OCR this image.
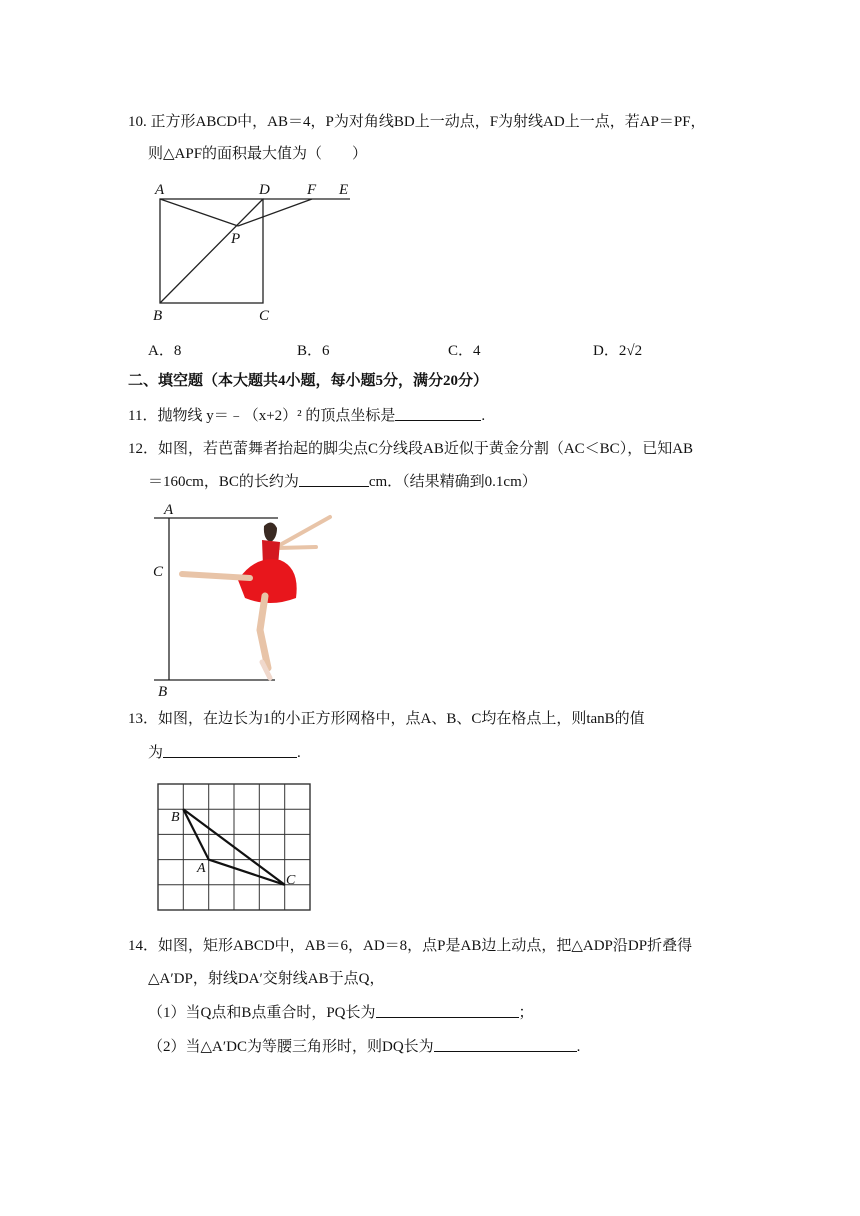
10. 正方形ABCD中，AB＝4，P为对角线BD上一动点，F为射线AD上一点，若AP＝PF，
则△APF的面积最大值为（　　）
A	D F E
P
B	C
A．8	B．6	C．4	D．2√2
二、填空题（本大题共4小题，每小题5分，满分20分）
11．抛物线 y＝﹣（x+2）² 的顶点坐标是	.
12．如图，若芭蕾舞者抬起的脚尖点C分线段AB近似于黄金分割（AC＜BC），已知AB
＝160cm，BC的长约为	cm．（结果精确到0.1cm）
A
C
B
13．如图，在边长为1的小正方形网格中，点A、B、C均在格点上，则tanB的值
为	.
B
A
C
14．如图，矩形ABCD中，AB＝6，AD＝8，点P是AB边上动点，把△ADP沿DP折叠得
△A′DP，射线DA′交射线AB于点Q，
（1）当Q点和B点重合时，PQ长为	；
（2）当△A′DC为等腰三角形时，则DQ长为	.
